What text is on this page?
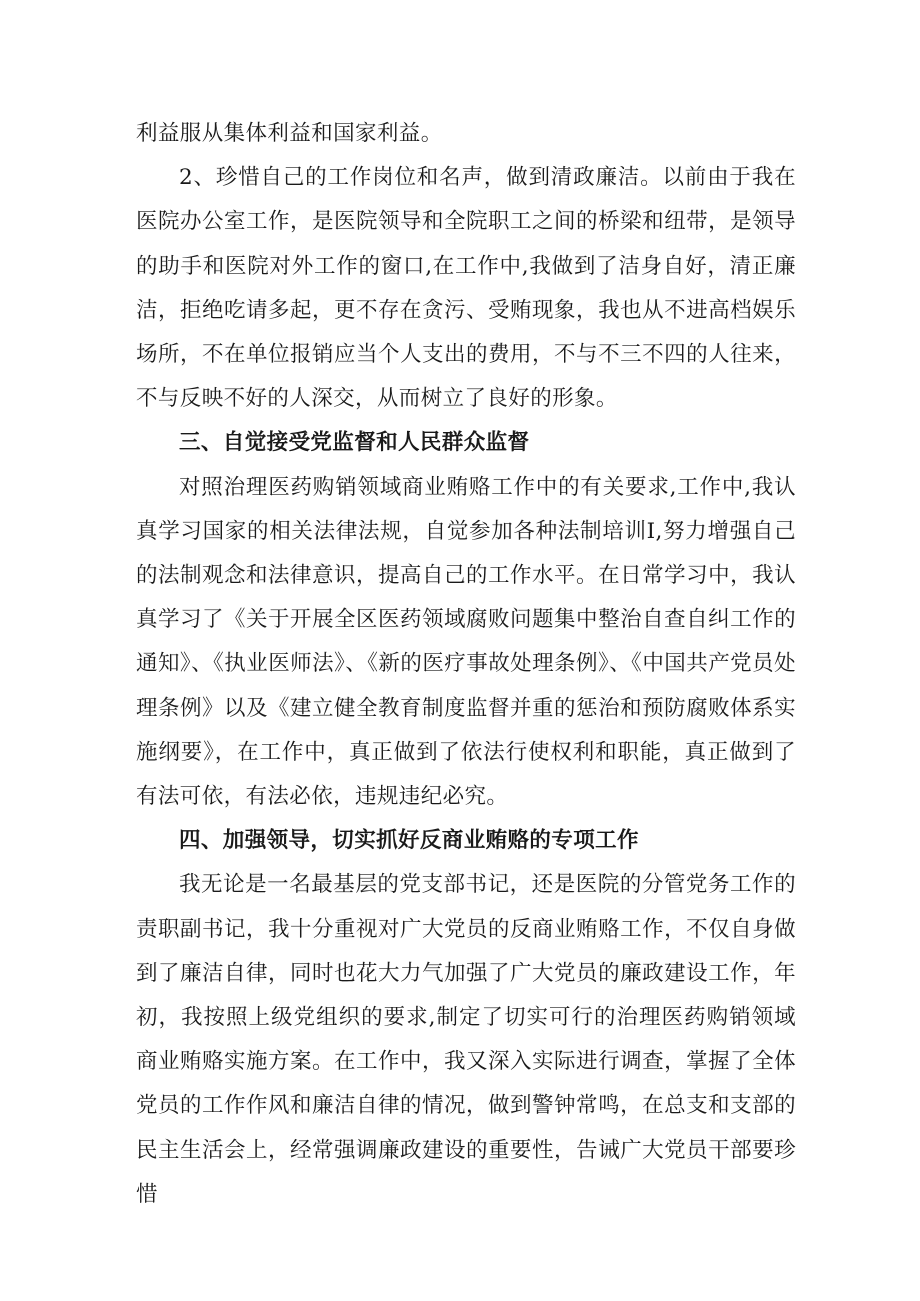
利益服从集体利益和国家利益。

2、珍惜自己的工作岗位和名声，做到清政廉洁。以前由于我在医院办公室工作，是医院领导和全院职工之间的桥梁和纽带，是领导的助手和医院对外工作的窗口,在工作中,我做到了洁身自好，清正廉洁，拒绝吃请多起，更不存在贪污、受贿现象，我也从不进高档娱乐场所，不在单位报销应当个人支出的费用，不与不三不四的人往来，不与反映不好的人深交，从而树立了良好的形象。

三、自觉接受党监督和人民群众监督

对照治理医药购销领域商业贿赂工作中的有关要求,工作中,我认真学习国家的相关法律法规，自觉参加各种法制培训I,努力增强自己的法制观念和法律意识，提高自己的工作水平。在日常学习中，我认真学习了《关于开展全区医药领域腐败问题集中整治自查自纠工作的通知》、《执业医师法》、《新的医疗事故处理条例》、《中国共产党员处理条例》以及《建立健全教育制度监督并重的惩治和预防腐败体系实施纲要》，在工作中，真正做到了依法行使权利和职能，真正做到了有法可依，有法必依，违规违纪必究。

四、加强领导，切实抓好反商业贿赂的专项工作

我无论是一名最基层的党支部书记，还是医院的分管党务工作的责职副书记，我十分重视对广大党员的反商业贿赂工作，不仅自身做到了廉洁自律，同时也花大力气加强了广大党员的廉政建设工作，年初，我按照上级党组织的要求,制定了切实可行的治理医药购销领域商业贿赂实施方案。在工作中，我又深入实际进行调查，掌握了全体党员的工作作风和廉洁自律的情况，做到警钟常鸣，在总支和支部的民主生活会上，经常强调廉政建设的重要性，告诫广大党员干部要珍惜
